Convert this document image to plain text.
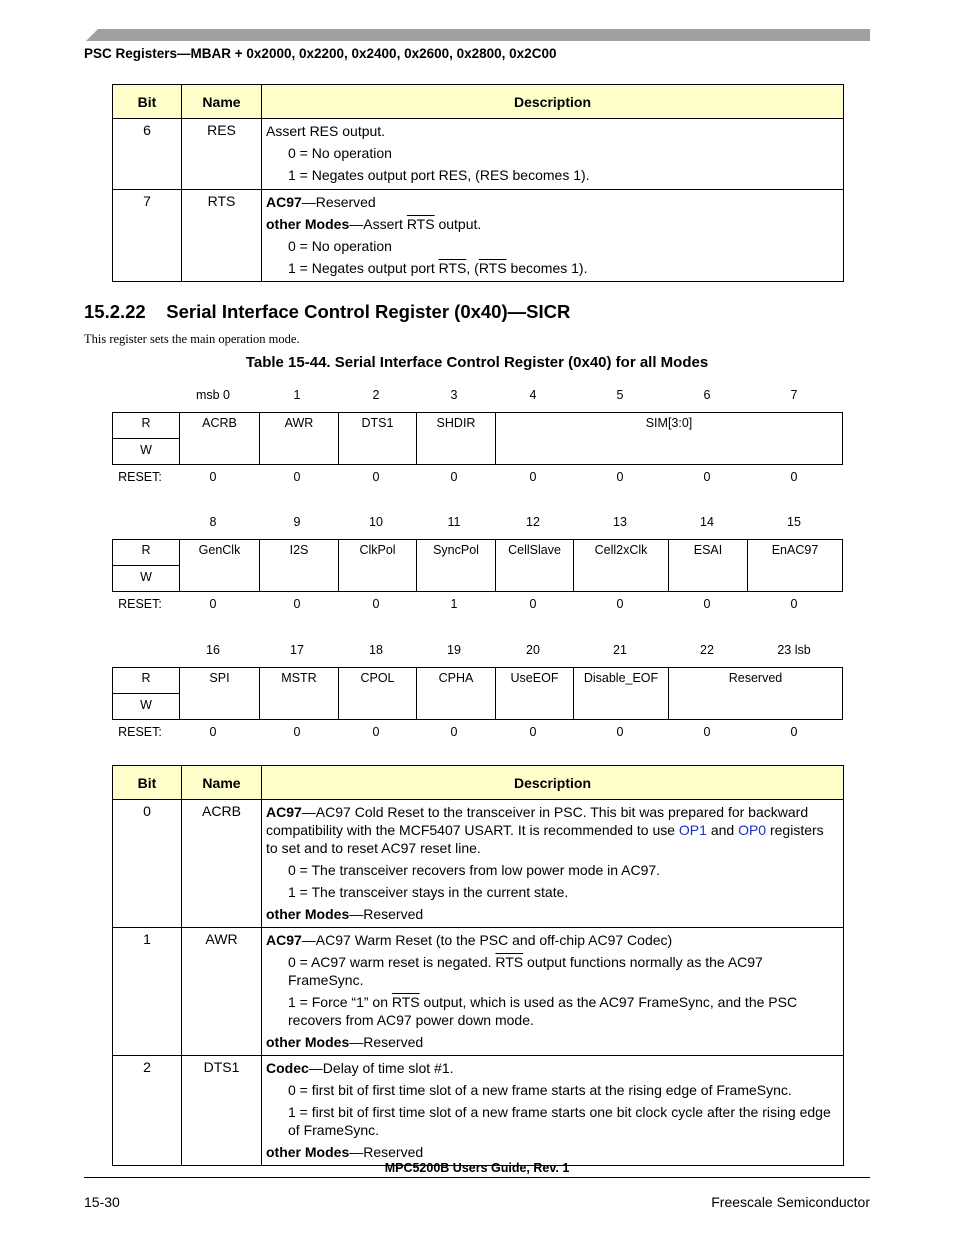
PSC Registers—MBAR + 0x2000, 0x2200, 0x2400, 0x2600, 0x2800, 0x2C00
Bit	Name	Description
6	RES	Assert RES output.
0 = No operation
1 = Negates output port RES, (RES becomes 1).

7	RTS	AC97—Reserved
other Modes—Assert $\overline{RTS}$ output.
0 = No operation
1 = Negates output port $\overline{RTS}$, ($\overline{RTS}$ becomes 1).
15.2.22 Serial Interface Control Register (0x40)—SICR
This register sets the main operation mode.
Table 15-44. Serial Interface Control Register (0x40) for all Modes
msb 0	1	2	3	4	5	6	7
R
W
ACRB	AWR	DTS1	SHDIR	SIM[3:0]
RESET:	0	0	0	0	0	0	0	0
8	9	10	11	12	13	14	15
R
W
GenClk	I2S	ClkPol	SyncPol	CellSlave	Cell2xClk	ESAI	EnAC97
RESET:	0	0	0	1	0	0	0	0
16	17	18	19	20	21	22	23 lsb
R
W
SPI	MSTR	CPOL	CPHA	UseEOF	Disable_EOF	Reserved
RESET:	0	0	0	0	0	0	0	0
Bit	Name	Description
0	ACRB	AC97—AC97 Cold Reset to the transceiver in PSC. This bit was prepared for backward compatibility with the MCF5407 USART. It is recommended to use OP1 and OP0 registers to set and to reset AC97 reset line.
0 = The transceiver recovers from low power mode in AC97.
1 = The transceiver stays in the current state.
other Modes—Reserved

1	AWR	AC97—AC97 Warm Reset (to the PSC and off-chip AC97 Codec)
0 = AC97 warm reset is negated. $\overline{RTS}$ output functions normally as the AC97 FrameSync.
1 = Force “1” on $\overline{RTS}$ output, which is used as the AC97 FrameSync, and the PSC recovers from AC97 power down mode.
other Modes—Reserved

2	DTS1	Codec—Delay of time slot #1.
0 = first bit of first time slot of a new frame starts at the rising edge of FrameSync.
1 = first bit of first time slot of a new frame starts one bit clock cycle after the rising edge of FrameSync.
other Modes—Reserved
MPC5200B Users Guide, Rev. 1
15-30	Freescale Semiconductor
